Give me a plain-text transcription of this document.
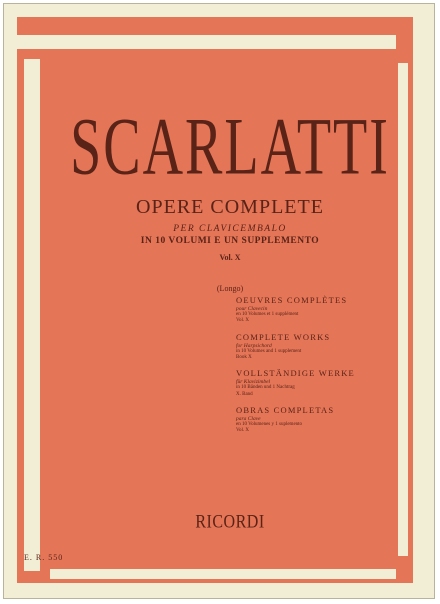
SCARLATTI
OPERE COMPLETE
PER CLAVICEMBALO
IN 10 VOLUMI E UN SUPPLEMENTO
Vol. X
(Longo)
OEUVRES COMPLÈTES
pour Clavecin
en 10 Volumes et 1 supplément
Vol. X
COMPLETE WORKS
for Harpsichord
in 10 Volumes and 1 supplement
Book X
VOLLSTÄNDIGE WERKE
für Klavizimbel
in 10 Bänden und 1 Nachtrag
X. Band
OBRAS COMPLETAS
para Clave
en 10 Volumenes y 1 suplemento
Vol. X
RICORDI
E. R. 550
